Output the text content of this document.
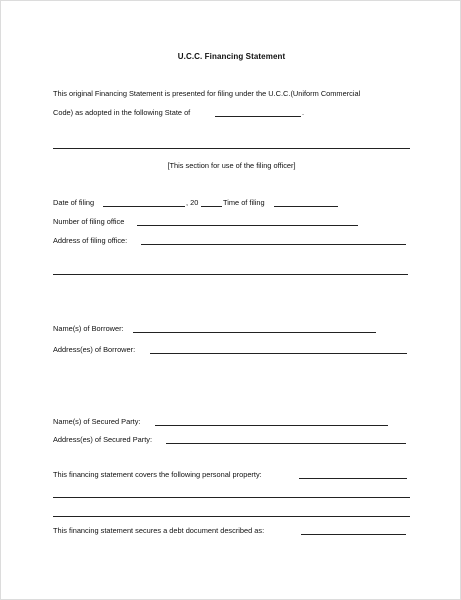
U.C.C. Financing Statement
This original Financing Statement is presented for filing under the U.C.C.(Uniform Commercial
Code) as adopted in the following State of	.
[This section for use of the filing officer]
Date of filing	, 20	Time of filing
Number of filing office
Address of filing office:
Name(s) of Borrower:
Address(es) of Borrower:
Name(s) of Secured Party:
Address(es) of Secured Party:
This financing statement covers the following personal property:
This financing statement secures a debt document described as:
